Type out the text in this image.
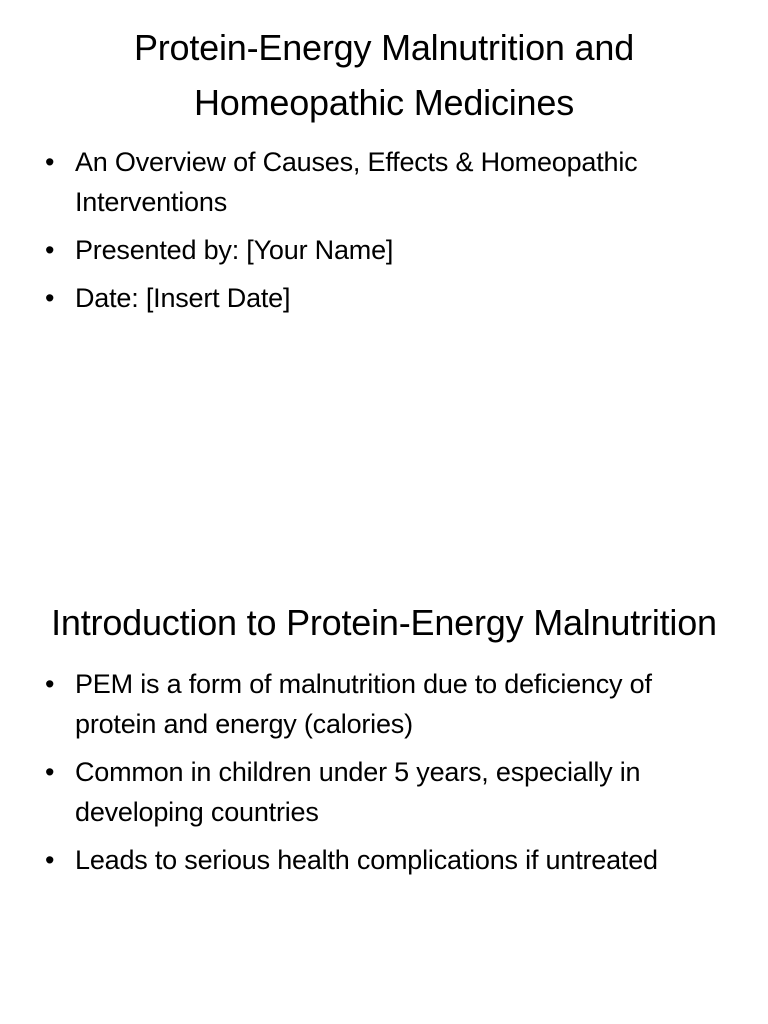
Protein-Energy Malnutrition and Homeopathic Medicines
• An Overview of Causes, Effects & Homeopathic Interventions
• Presented by: [Your Name]
• Date: [Insert Date]
Introduction to Protein-Energy Malnutrition
• PEM is a form of malnutrition due to deficiency of protein and energy (calories)
• Common in children under 5 years, especially in developing countries
• Leads to serious health complications if untreated
